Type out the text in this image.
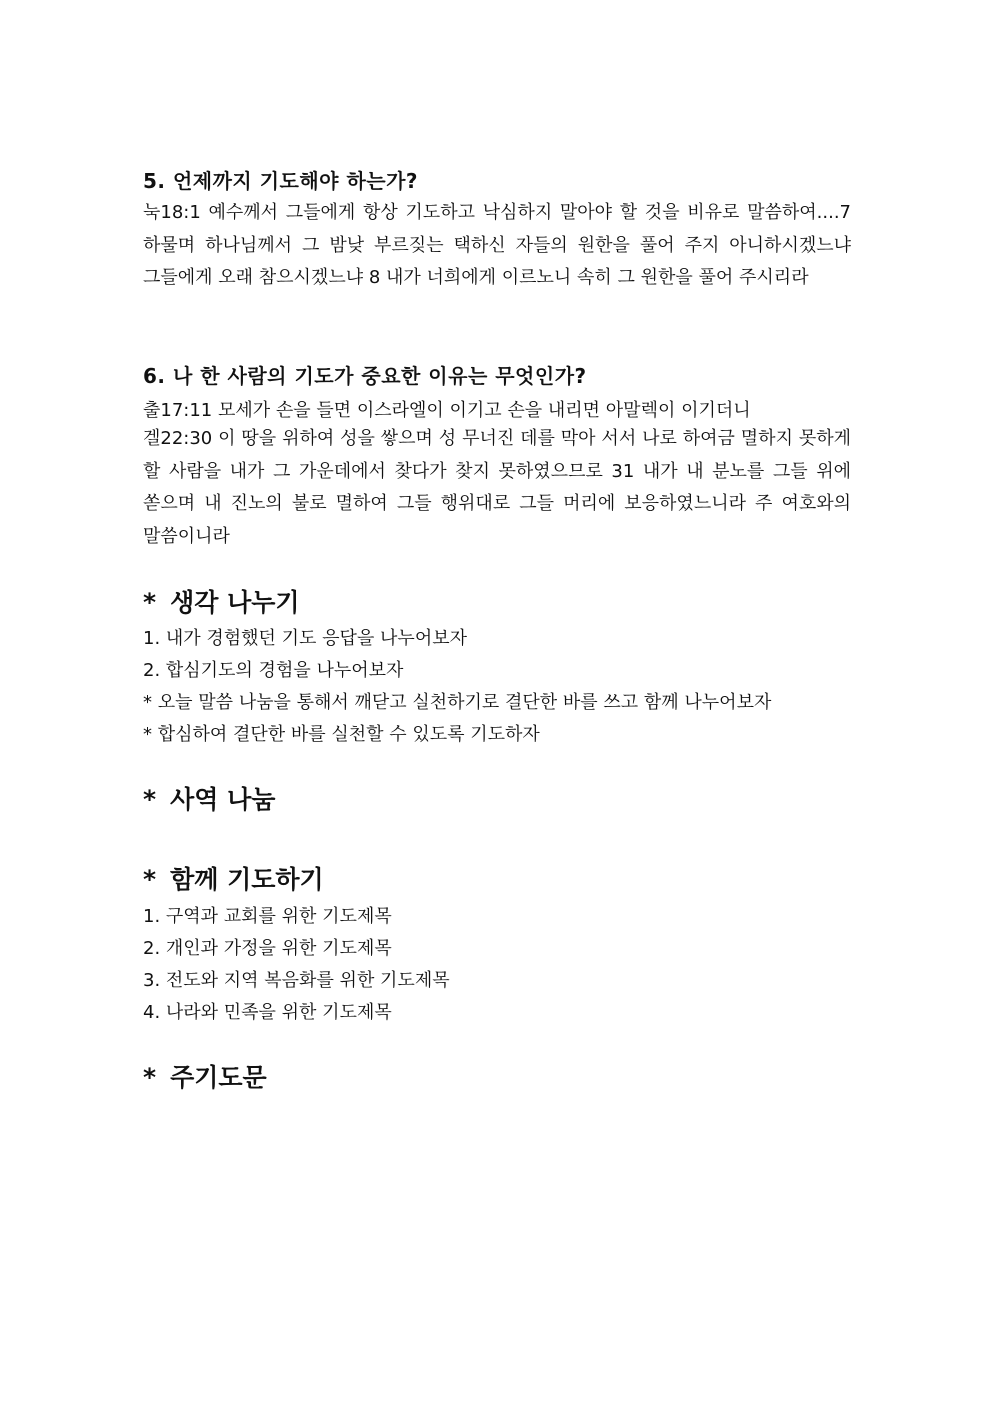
5. 언제까지 기도해야 하는가?
눅18:1 예수께서 그들에게 항상 기도하고 낙심하지 말아야 할 것을 비유로 말씀하여....7 하물며 하나님께서 그 밤낮 부르짖는 택하신 자들의 원한을 풀어 주지 아니하시겠느냐 그들에게 오래 참으시겠느냐 8 내가 너희에게 이르노니 속히 그 원한을 풀어 주시리라
6. 나 한 사람의 기도가 중요한 이유는 무엇인가?
출17:11 모세가 손을 들면 이스라엘이 이기고 손을 내리면 아말렉이 이기더니
겔22:30 이 땅을 위하여 성을 쌓으며 성 무너진 데를 막아 서서 나로 하여금 멸하지 못하게 할 사람을 내가 그 가운데에서 찾다가 찾지 못하였으므로 31 내가 내 분노를 그들 위에 쏟으며 내 진노의 불로 멸하여 그들 행위대로 그들 머리에 보응하였느니라 주 여호와의 말씀이니라
* 생각 나누기
1. 내가 경험했던 기도 응답을 나누어보자
2. 합심기도의 경험을 나누어보자
* 오늘 말씀 나눔을 통해서 깨닫고 실천하기로 결단한 바를 쓰고 함께 나누어보자
* 합심하여 결단한 바를 실천할 수 있도록 기도하자
* 사역 나눔
* 함께 기도하기
1. 구역과 교회를 위한 기도제목
2. 개인과 가정을 위한 기도제목
3. 전도와 지역 복음화를 위한 기도제목
4. 나라와 민족을 위한 기도제목
* 주기도문
